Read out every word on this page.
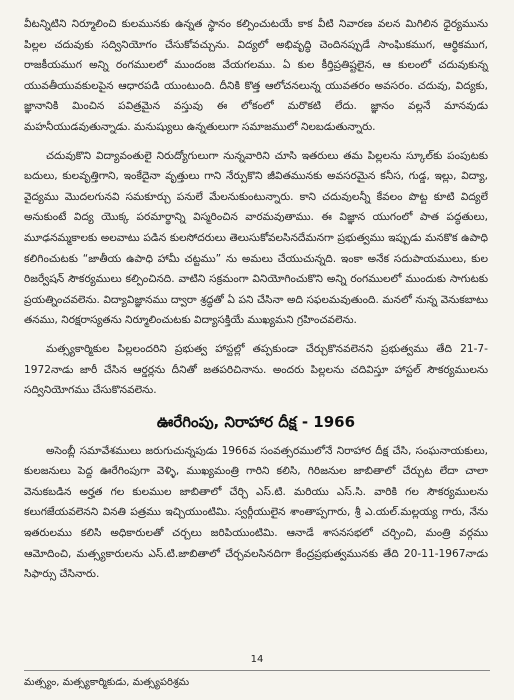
వీటన్నిటిని నిర్మూలించి కులమునకు ఉన్నత స్థానం కల్పించుటయే కాక వీటి నివారణ వలన మిగిలిన ధైర్యమును పిల్లల చదువుకు సద్వినియోగం చేసుకోవచ్చును. విద్యలో అభివృద్ధి చెందినప్పుడే సాంఘికముగ, ఆర్థికముగ, రాజకీయముగ అన్ని రంగములలో ముందంజ వేయగలము. ఏ కుల కీర్తిప్రతిష్టలైన, ఆ కులంలో చదువుకున్న యువతీయువకులపైన ఆధారపడి యుంటుంది. దీనికి కొత్త ఆలోచనలున్న యువతరం అవసరం. చదువు, విద్యకు, జ్ఞానానికి మించిన పవిత్రమైన వస్తువు ఈ లోకంలో మరొకటి లేదు. జ్ఞానం వల్లనే మానవుడు మహనీయుడవుతున్నాడు. మనుష్యులు ఉన్నతులుగా సమాజములో నిలబడుతున్నారు.

చదువుకొని విద్యావంతులై నిరుద్యోగులుగా నున్నవారిని చూసి ఇతరులు తమ పిల్లలను స్కూల్‌కు పంపుటకు బదులు, కులవృత్తిగాని, ఇంకేదైనా వృత్తులు గాని నేర్పుకొని జీవితమునకు అవసరమైన కనీస, గుడ్డ, ఇల్లు, విద్యా, వైద్యము మొదలగునవి సమకూర్చు పనులే మేలనుకుంటున్నారు. కాని చదువులన్నీ కేవలం పొట్ట కూటి విద్యలే అనుకుంటే విద్య యొక్క పరమార్థాన్ని విస్మరించిన వారమవుతాము. ఈ విజ్ఞాన యుగంలో పాత పద్ధతులు, మూఢనమ్మకాలకు అలవాటు పడిన కులసోదరులు తెలుసుకోవలసినదేమనగా ప్రభుత్వము ఇప్పుడు మనకొక ఉపాధి కలిగించుటకు “జాతీయ ఉపాధి హామీ చట్టము” ను అమలు చేయుచున్నది. ఇంకా అనేక సదుపాయములు, కుల రిజర్వేషన్ సౌకర్యములు కల్పించినది. వాటిని సక్రమంగా వినియోగించుకొని అన్ని రంగములలో ముందుకు సాగుటకు ప్రయత్నించవలెను. విద్యావిజ్ఞానము ద్వారా శ్రద్ధతో ఏ పని చేసినా అది సఫలమవుతుంది. మనలో నున్న వెనుకబాటు తనము, నిరక్షరాస్యతను నిర్మూలించుటకు విద్యాసక్తియే ముఖ్యమని గ్రహించవలెను.

మత్స్యకార్మికుల పిల్లలందరిని ప్రభుత్వ హాస్టల్లో తప్పకుండా చేర్చుకొనవలెనని ప్రభుత్వము తేది 21-7-1972నాడు జారీ చేసిన ఆర్డర్లను దీనితో జతపరిచినాను. అందరు పిల్లలను చదివిస్తూ హాస్టల్ సౌకర్యములను సద్వినియోగము చేసుకొనవలెను.

ఊరేగింపు, నిరాహార దీక్ష - 1966

అసెంబ్లీ సమావేశములు జరుగుచున్నపుడు 1966వ సంవత్సరములోనే నిరాహార దీక్ష చేసి, సంఘనాయకులు, కులజనులు పెద్ద ఊరేగింపుగా వెళ్ళి, ముఖ్యమంత్రి గారిని కలిసి, గిరిజనుల జాబితాలో చేర్చుట లేదా చాలా వెనుకబడిన అర్హత గల కులముల జాబితాలో చేర్చి ఎస్.టి. మరియు ఎస్.సి. వారికి గల సౌకర్యములను కలుగజేయవలెనని వినతి పత్రము ఇచ్చియుంటిమి. స్వర్గీయులైన శాంతాప్పగారు, శ్రీ ఎ.యల్.మల్లయ్య గారు, నేను ఇతరులము కలిసి అధికారులతో చర్చలు జరిపియుంటిమి. ఆనాడే శాసనసభలో చర్చించి, మంత్రి వర్గము ఆమోదించి, మత్స్యకారులను ఎస్.టి.జాబితాలో చేర్చవలసినదిగా కేంద్రప్రభుత్వమునకు తేది 20-11-1967నాడు సిఫార్సు చేసినారు.

14
మత్స్యం, మత్స్యకార్మికుడు, మత్స్యపరిశ్రమ
